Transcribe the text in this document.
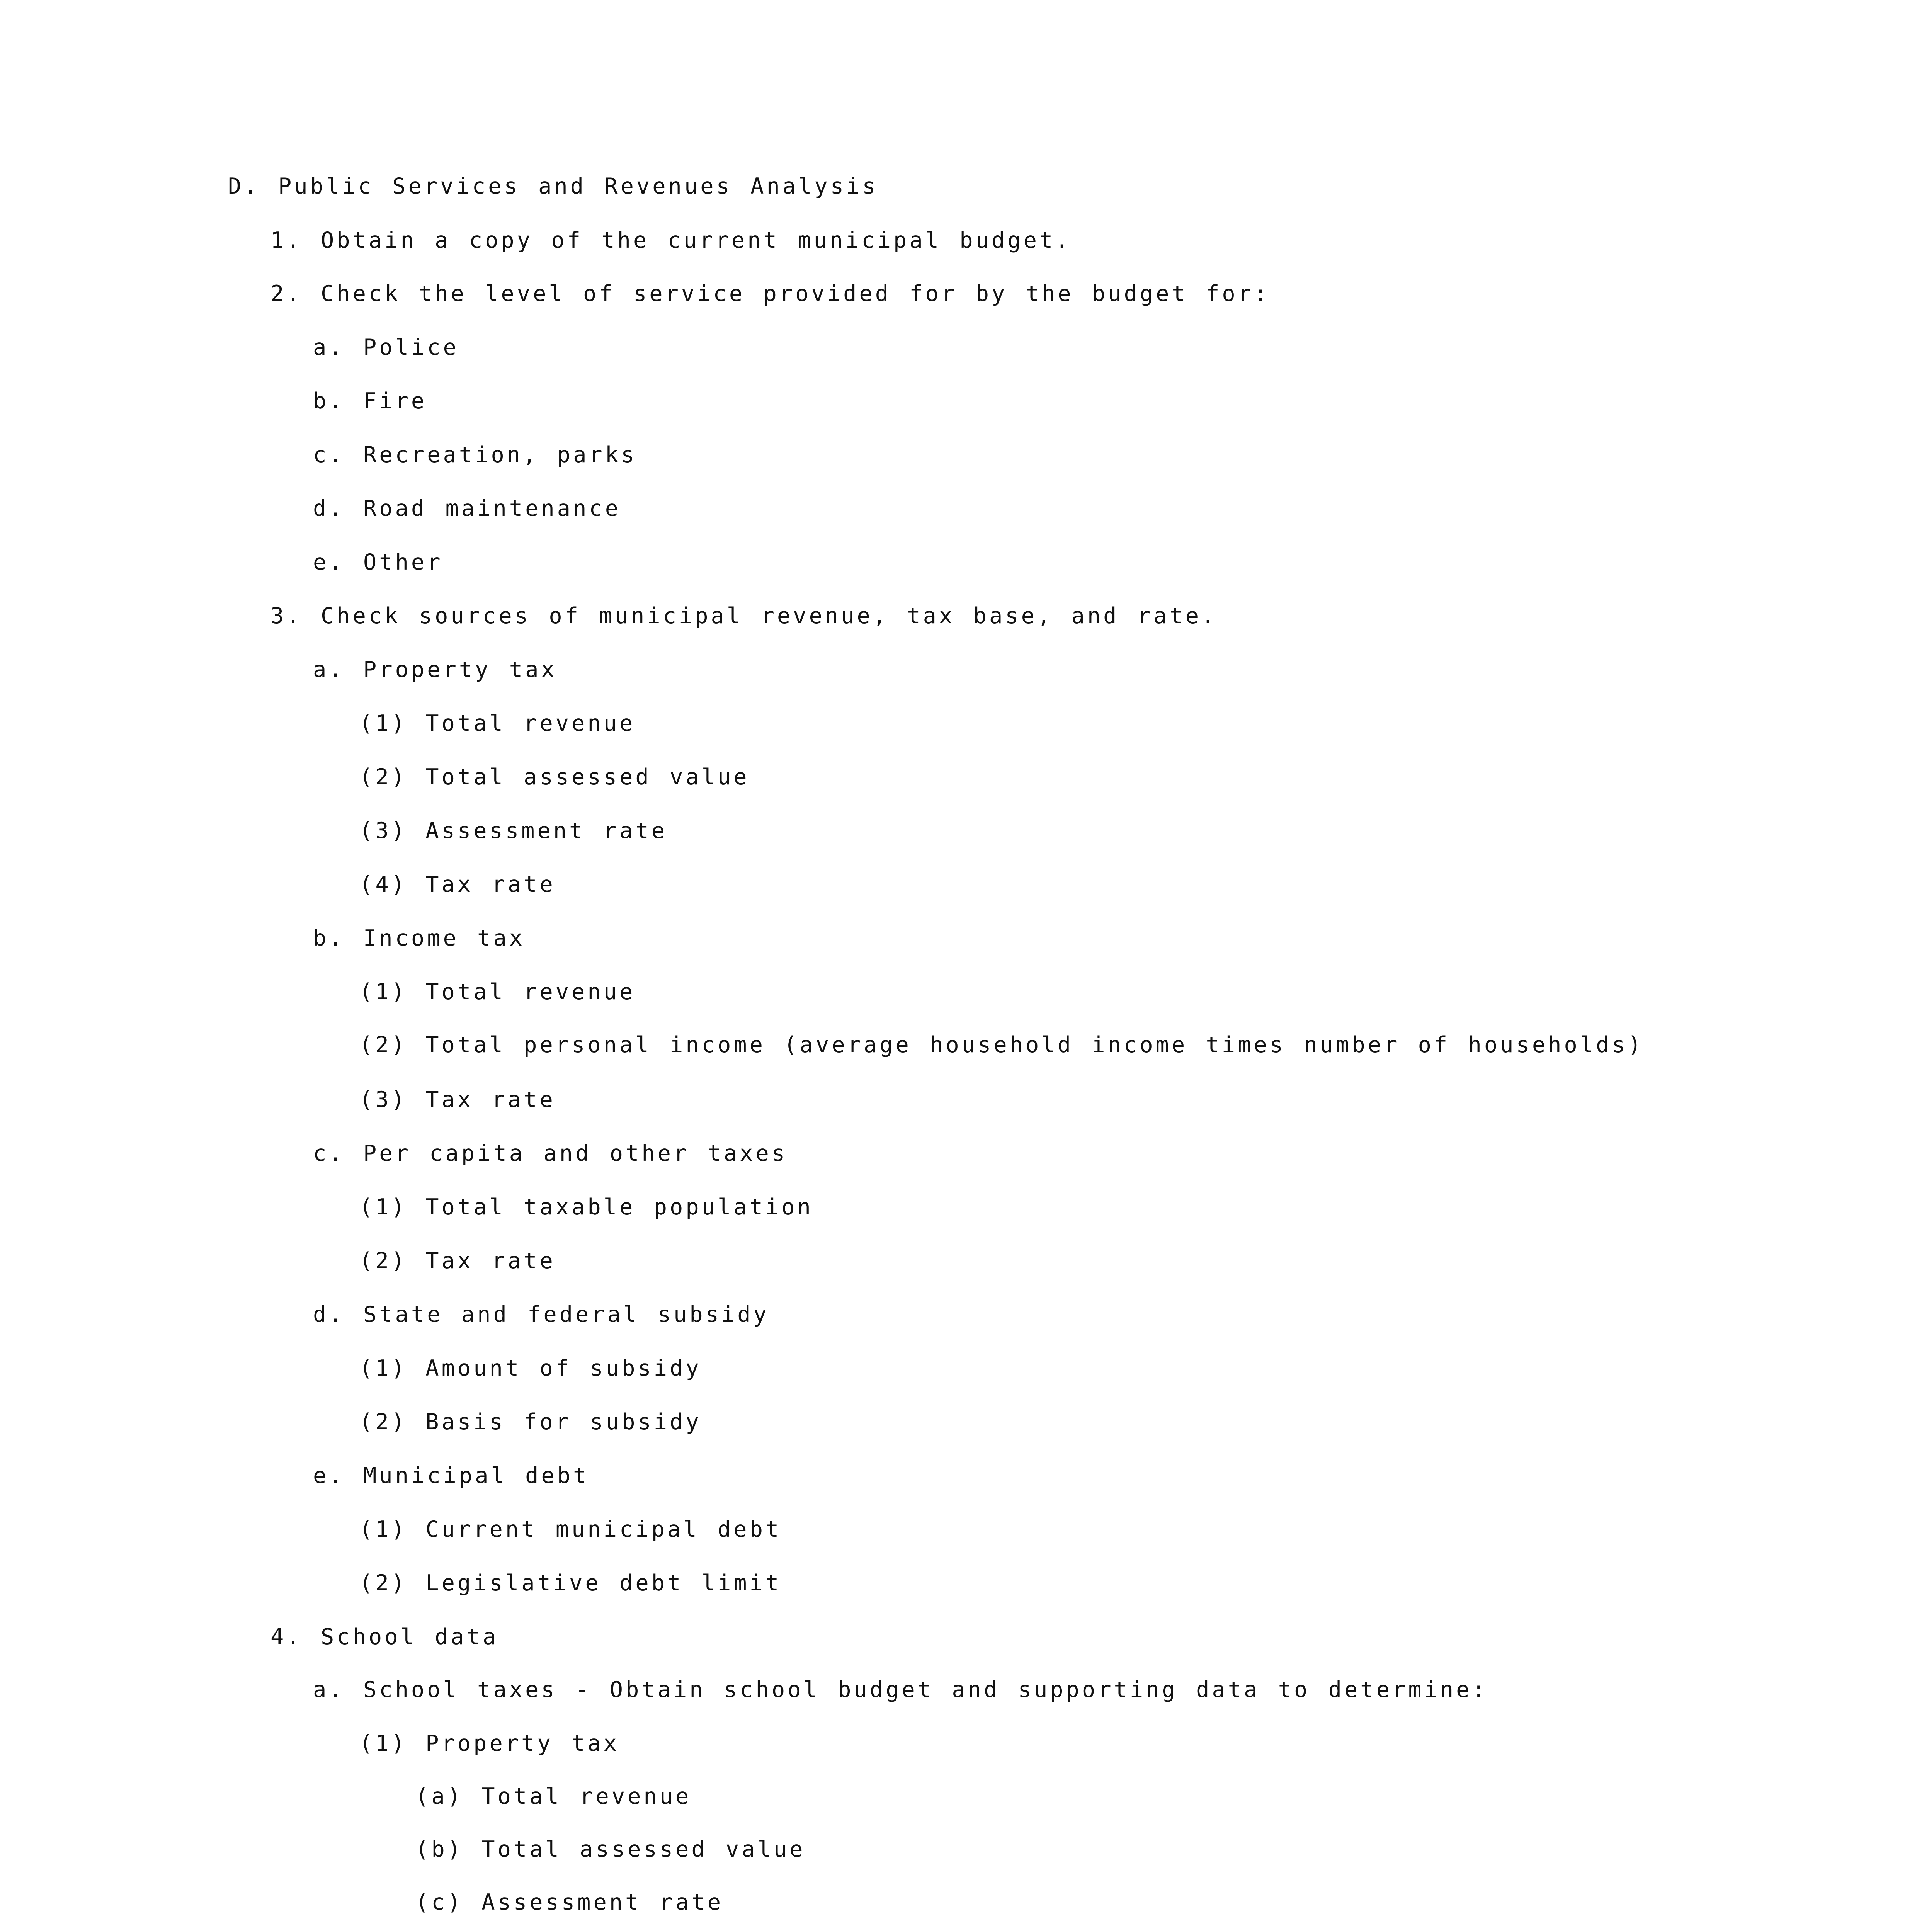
D. Public Services and Revenues Analysis
1. Obtain a copy of the current municipal budget.
2. Check the level of service provided for by the budget for:
a. Police
b. Fire
c. Recreation, parks
d. Road maintenance
e. Other
3. Check sources of municipal revenue, tax base, and rate.
a. Property tax
(1) Total revenue
(2) Total assessed value
(3) Assessment rate
(4) Tax rate
b. Income tax
(1) Total revenue
(2) Total personal income (average household income times number of households)
(3) Tax rate
c. Per capita and other taxes
(1) Total taxable population
(2) Tax rate
d. State and federal subsidy
(1) Amount of subsidy
(2) Basis for subsidy
e. Municipal debt
(1) Current municipal debt
(2) Legislative debt limit
4. School data
a. School taxes - Obtain school budget and supporting data to determine:
(1) Property tax
(a) Total revenue
(b) Total assessed value
(c) Assessment rate
